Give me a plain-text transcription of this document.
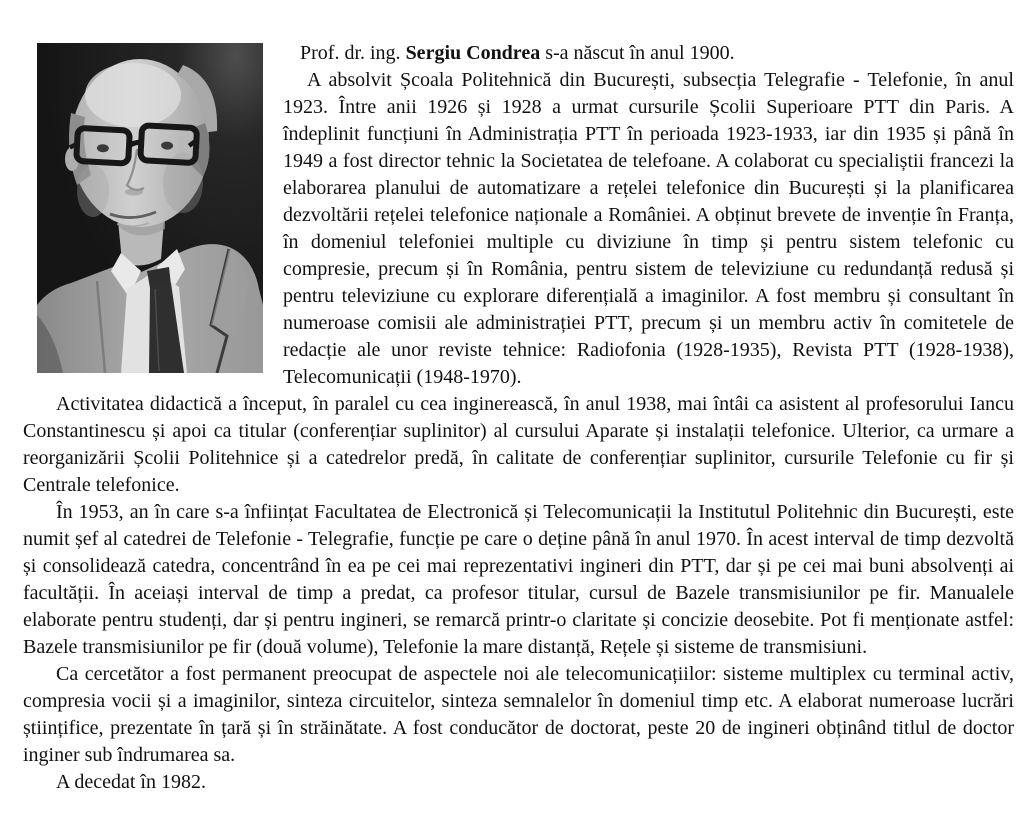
Prof. dr. ing. Sergiu Condrea s-a născut în anul 1900.

A absolvit Școala Politehnică din București, subsecția Telegrafie - Telefonie, în anul 1923. Între anii 1926 și 1928 a urmat cursurile Școlii Superioare PTT din Paris. A îndeplinit funcțiuni în Administrația PTT în perioada 1923-1933, iar din 1935 și până în 1949 a fost director tehnic la Societatea de telefoane. A colaborat cu specialiștii francezi la elaborarea planului de automatizare a rețelei telefonice din București și la planificarea dezvoltării rețelei telefonice naționale a României. A obținut brevete de invenție în Franța, în domeniul telefoniei multiple cu diviziune în timp și pentru sistem telefonic cu compresie, precum și în România, pentru sistem de televiziune cu redundanță redusă și pentru televiziune cu explorare diferențială a imaginilor. A fost membru și consultant în numeroase comisii ale administrației PTT, precum și un membru activ în comitetele de redacție ale unor reviste tehnice: Radiofonia (1928-1935), Revista PTT (1928-1938), Telecomunicații (1948-1970).

Activitatea didactică a început, în paralel cu cea inginerească, în anul 1938, mai întâi ca asistent al profesorului Iancu Constantinescu și apoi ca titular (conferențiar suplinitor) al cursului Aparate și instalații telefonice. Ulterior, ca urmare a reorganizării Școlii Politehnice și a catedrelor predă, în calitate de conferențiar suplinitor, cursurile Telefonie cu fir și Centrale telefonice.

În 1953, an în care s-a înființat Facultatea de Electronică și Telecomunicații la Institutul Politehnic din București, este numit șef al catedrei de Telefonie - Telegrafie, funcție pe care o deține până în anul 1970. În acest interval de timp dezvoltă și consolidează catedra, concentrând în ea pe cei mai reprezentativi ingineri din PTT, dar și pe cei mai buni absolvenți ai facultății. În aceiași interval de timp a predat, ca profesor titular, cursul de Bazele transmisiunilor pe fir. Manualele elaborate pentru studenți, dar și pentru ingineri, se remarcă printr-o claritate și concizie deosebite. Pot fi menționate astfel: Bazele transmisiunilor pe fir (două volume), Telefonie la mare distanță, Rețele și sisteme de transmisiuni.

Ca cercetător a fost permanent preocupat de aspectele noi ale telecomunicațiilor: sisteme multiplex cu terminal activ, compresia vocii și a imaginilor, sinteza circuitelor, sinteza semnalelor în domeniul timp etc. A elaborat numeroase lucrări științifice, prezentate în țară și în străinătate. A fost conducător de doctorat, peste 20 de ingineri obținând titlul de doctor inginer sub îndrumarea sa.

A decedat în 1982.
